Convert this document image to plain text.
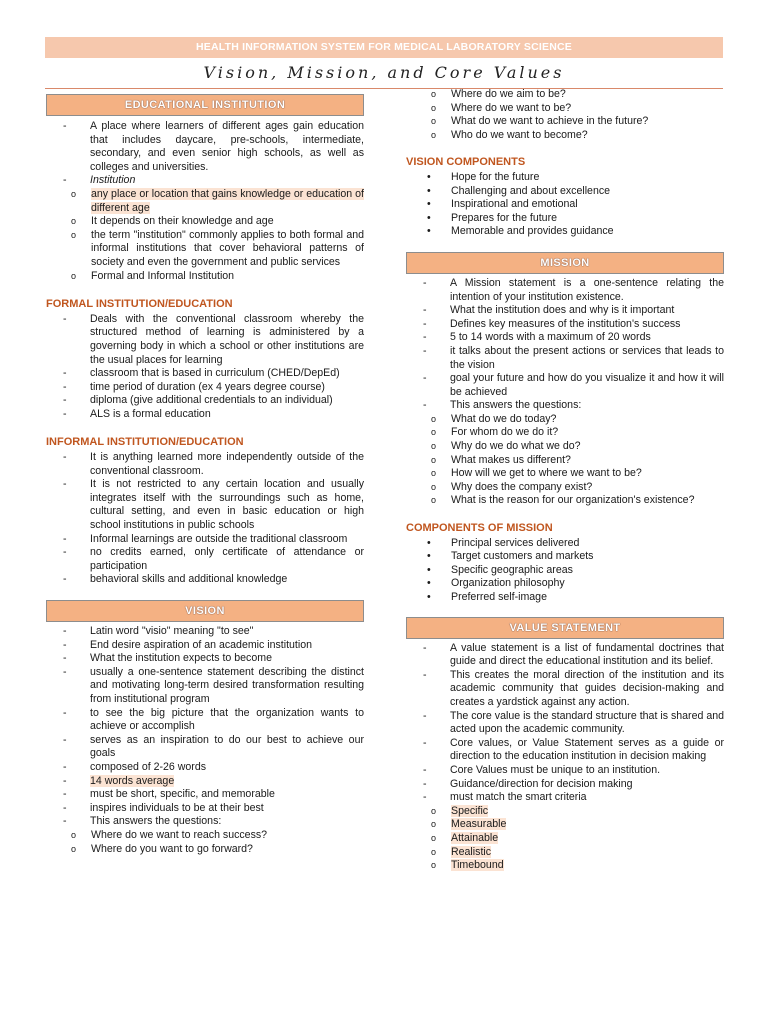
HEALTH INFORMATION SYSTEM FOR MEDICAL LABORATORY SCIENCE
Vision, Mission, and Core Values
EDUCATIONAL INSTITUTION
- A place where learners of different ages gain education that includes daycare, pre-schools, intermediate, secondary, and even senior high schools, as well as colleges and universities.
- Institution
o any place or location that gains knowledge or education of different age
o It depends on their knowledge and age
o the term "institution" commonly applies to both formal and informal institutions that cover behavioral patterns of society and even the government and public services
o Formal and Informal Institution
FORMAL INSTITUTION/EDUCATION
- Deals with the conventional classroom whereby the structured method of learning is administered by a governing body in which a school or other institutions are the usual places for learning
- classroom that is based in curriculum (CHED/DepEd)
- time period of duration (ex 4 years degree course)
- diploma (give additional credentials to an individual)
- ALS is a formal education
INFORMAL INSTITUTION/EDUCATION
- It is anything learned more independently outside of the conventional classroom.
- It is not restricted to any certain location and usually integrates itself with the surroundings such as home, cultural setting, and even in basic education or high school institutions in public schools
- Informal learnings are outside the traditional classroom
- no credits earned, only certificate of attendance or participation
- behavioral skills and additional knowledge
VISION
- Latin word "visio" meaning "to see"
- End desire aspiration of an academic institution
- What the institution expects to become
- usually a one-sentence statement describing the distinct and motivating long-term desired transformation resulting from institutional program
- to see the big picture that the organization wants to achieve or accomplish
- serves as an inspiration to do our best to achieve our goals
- composed of 2-26 words
- 14 words average
- must be short, specific, and memorable
- inspires individuals to be at their best
- This answers the questions:
o Where do we want to reach success?
o Where do you want to go forward?
o Where do we aim to be?
o Where do we want to be?
o What do we want to achieve in the future?
o Who do we want to become?
VISION COMPONENTS
• Hope for the future
• Challenging and about excellence
• Inspirational and emotional
• Prepares for the future
• Memorable and provides guidance
MISSION
- A Mission statement is a one-sentence relating the intention of your institution existence.
- What the institution does and why is it important
- Defines key measures of the institution's success
- 5 to 14 words with a maximum of 20 words
- it talks about the present actions or services that leads to the vision
- goal your future and how do you visualize it and how it will be achieved
- This answers the questions:
o What do we do today?
o For whom do we do it?
o Why do we do what we do?
o What makes us different?
o How will we get to where we want to be?
o Why does the company exist?
o What is the reason for our organization's existence?
COMPONENTS OF MISSION
• Principal services delivered
• Target customers and markets
• Specific geographic areas
• Organization philosophy
• Preferred self-image
VALUE STATEMENT
- A value statement is a list of fundamental doctrines that guide and direct the educational institution and its belief.
- This creates the moral direction of the institution and its academic community that guides decision-making and creates a yardstick against any action.
- The core value is the standard structure that is shared and acted upon the academic community.
- Core values, or Value Statement serves as a guide or direction to the education institution in decision making
- Core Values must be unique to an institution.
- Guidance/direction for decision making
- must match the smart criteria
o Specific
o Measurable
o Attainable
o Realistic
o Timebound
